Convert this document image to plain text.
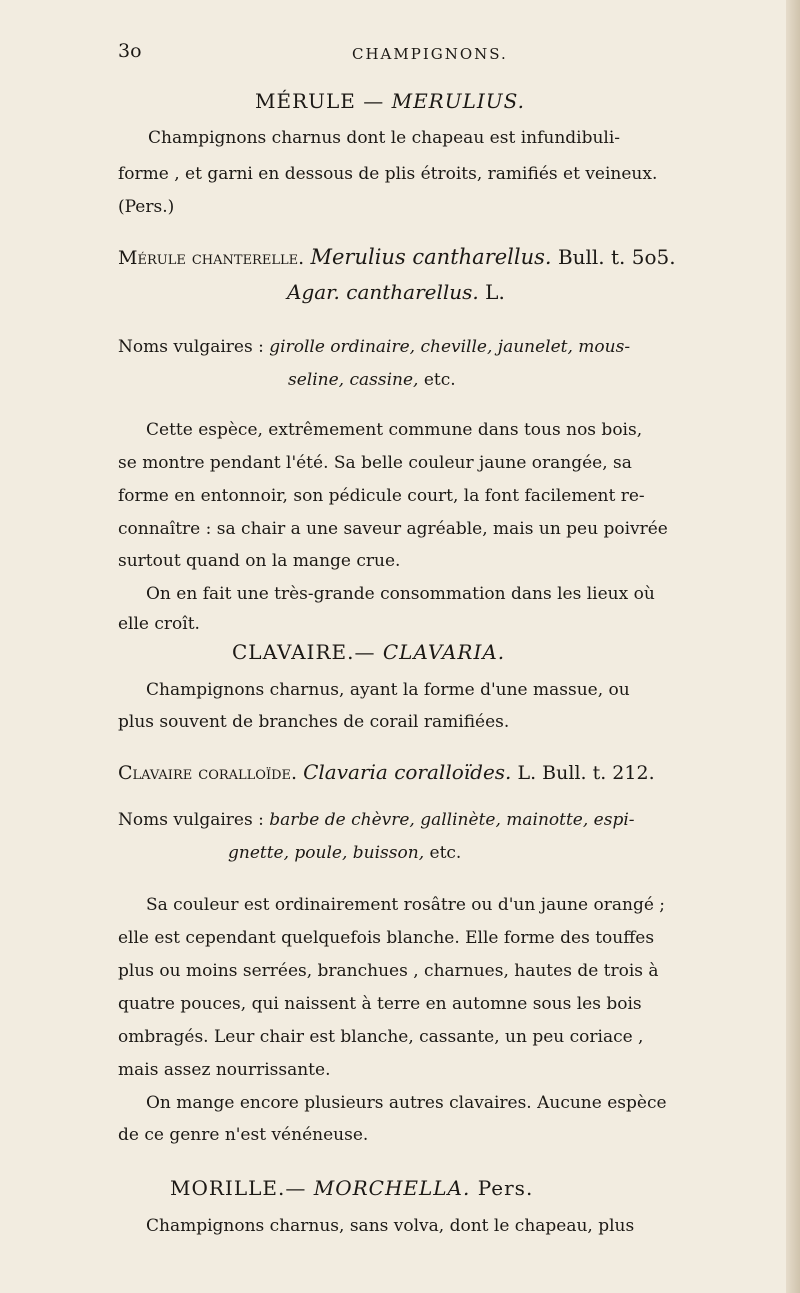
3o	CHAMPIGNONS.
MÉRULE — MERULIUS.
Champignons charnus dont le chapeau est infundibuli-
forme , et garni en dessous de plis étroits, ramifiés et veineux.
(Pers.)
Mérule chanterelle. Merulius cantharellus. Bull. t. 5o5.
Agar. cantharellus. L.
Noms vulgaires : girolle ordinaire, cheville, jaunelet, mous-
seline, cassine, etc.
Cette espèce, extrêmement commune dans tous nos bois,
se montre pendant l'été. Sa belle couleur jaune orangée, sa
forme en entonnoir, son pédicule court, la font facilement re-
connaître : sa chair a une saveur agréable, mais un peu poivrée
surtout quand on la mange crue.
On en fait une très-grande consommation dans les lieux où
elle croît.
CLAVAIRE.— CLAVARIA.
Champignons charnus, ayant la forme d'une massue, ou
plus souvent de branches de corail ramifiées.
Clavaire coralloïde. Clavaria coralloïdes. L. Bull. t. 212.
Noms vulgaires : barbe de chèvre, gallinète, mainotte, espi-
gnette, poule, buisson, etc.
Sa couleur est ordinairement rosâtre ou d'un jaune orangé ;
elle est cependant quelquefois blanche. Elle forme des touffes
plus ou moins serrées, branchues , charnues, hautes de trois à
quatre pouces, qui naissent à terre en automne sous les bois
ombragés. Leur chair est blanche, cassante, un peu coriace ,
mais assez nourrissante.
On mange encore plusieurs autres clavaires. Aucune espèce
de ce genre n'est vénéneuse.
MORILLE.— MORCHELLA. Pers.
Champignons charnus, sans volva, dont le chapeau, plus
